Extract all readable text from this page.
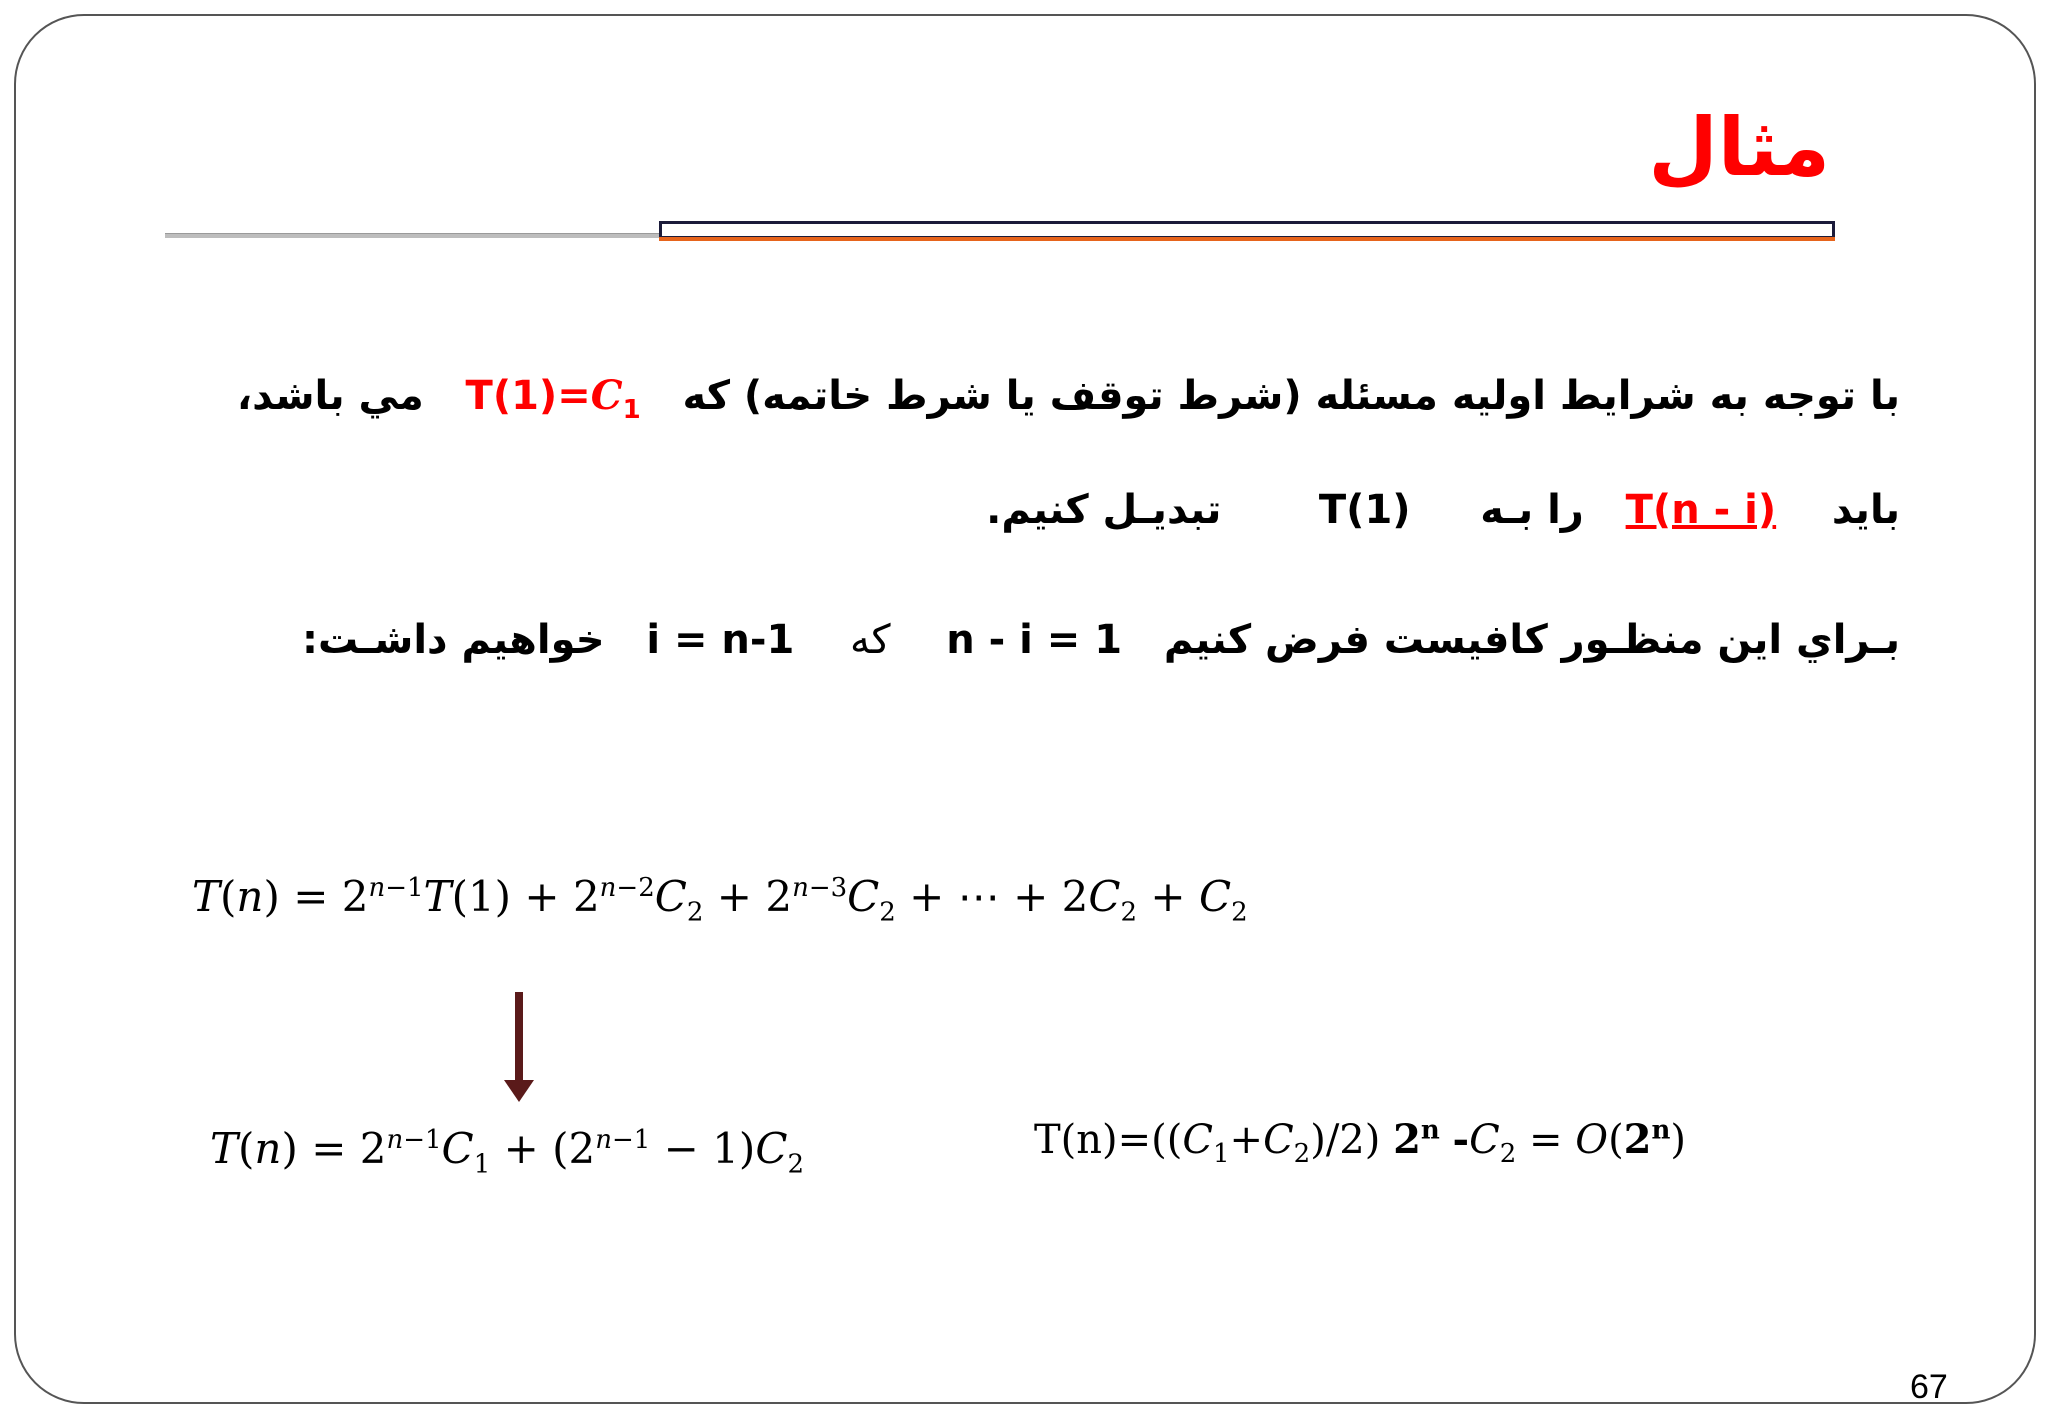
مثال
با توجه به شرايط اوليه مسئله (شرط توقف يا شرط خاتمه) که   $T(1)=C_1$   مي باشد،
بايد    T(n - i)   را بـه     T(1)       تبديـل کنيم.
بـراي اين منظـور کافيست فرض کنيم   n - i = 1    که    i = n-1   خواهيم داشـت:
$T(n) = 2^{n-1}T(1) + 2^{n-2}C_2 + 2^{n-3}C_2$ + ⋯ + $2C_2 + C_2$
$T(n) = 2^{n-1}C_1 + (2^{n-1} - 1)C_2$
$T(n)=((C_1+C_2)/2)$ 2$^n$ $-C_2 = O(2^n)$
67
